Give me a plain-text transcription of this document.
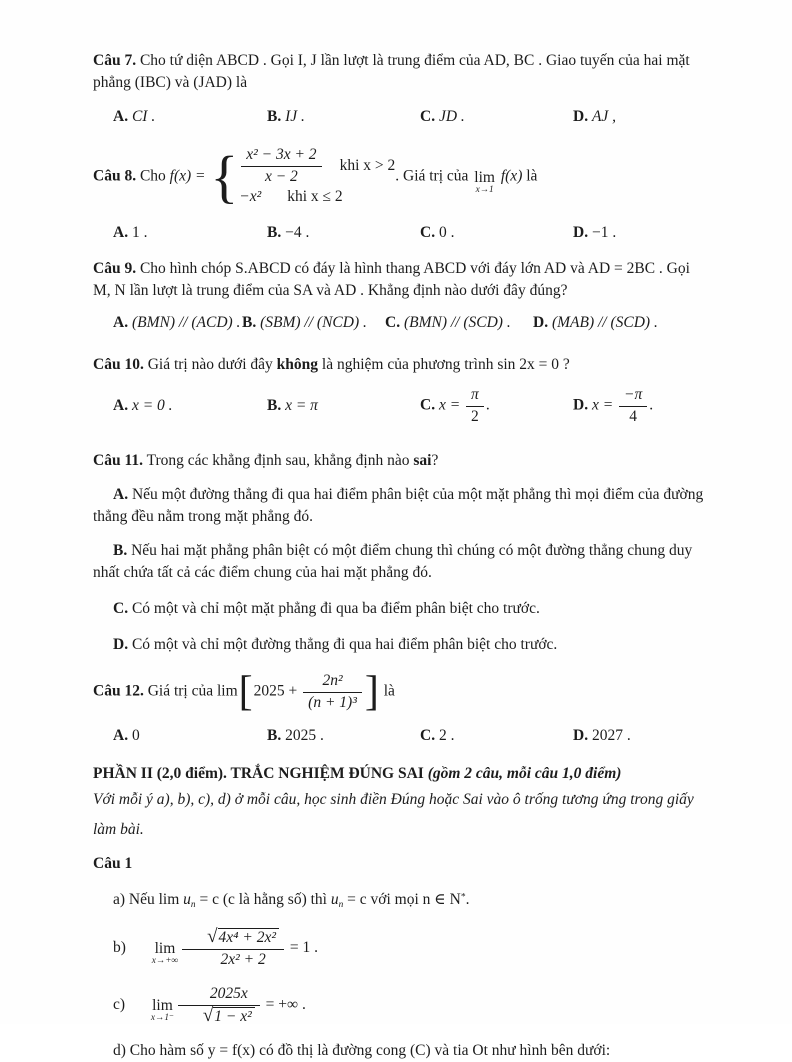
Câu 7. Cho tứ diện ABCD . Gọi I, J lần lượt là trung điểm của AD, BC . Giao tuyến của hai mặt phẳng (IBC) và (JAD) là

A. CI .	B. IJ .	C. JD .	D. AJ ,

Câu 8. Cho f(x) = { $\frac{\text{x² − 3x + 2}}{x - 2}$ khi x > 2
−x² khi x ≤ 2
. Giá trị của lim
x→1
f(x) là

A. 1 .	B. −4 .	C. 0 .	D. −1 .

Câu 9. Cho hình chóp S.ABCD có đáy là hình thang ABCD với đáy lớn AD và AD = 2BC . Gọi M, N lần lượt là trung điểm của SA và AD . Khẳng định nào dưới đây đúng?

A. (BMN) // (ACD) . B. (SBM) // (NCD) .	C. (BMN) // (SCD) .	D. (MAB) // (SCD) .

Câu 10. Giá trị nào dưới đây không là nghiệm của phương trình sin 2x = 0 ?

A. x = 0 .	B. x = π	C. $x = \frac{\pi}{2}$ .	D. $x = \frac{-\pi}{4}$ .

Câu 11. Trong các khẳng định sau, khẳng định nào sai?

A. Nếu một đường thẳng đi qua hai điểm phân biệt của một mặt phẳng thì mọi điểm của đường thẳng đều nằm trong mặt phẳng đó.

B. Nếu hai mặt phẳng phân biệt có một điểm chung thì chúng có một đường thẳng chung duy nhất chứa tất cả các điểm chung của hai mặt phẳng đó.

C. Có một và chỉ một mặt phẳng đi qua ba điểm phân biệt cho trước.

D. Có một và chỉ một đường thẳng đi qua hai điểm phân biệt cho trước.

Câu 12. Giá trị của $\lim[2025 + \frac{\text{2n²}}{\text{(n + 1)³}}$ ] là

A. 0	B. 2025 .	C. 2 .	D. 2027 .

PHẦN II (2,0 điểm). TRẮC NGHIỆM ĐÚNG SAI (gồm 2 câu, mỗi câu 1,0 điểm)

Với mỗi ý a), b), c), d) ở mỗi câu, học sinh điền Đúng hoặc Sai vào ô trống tương ứng trong giấy làm bài.

Câu 1

a) Nếu $\lim u_n = c$ (c là hằng số) thì $u_n = c$ với mọi n ∈ N*.

b)	lim
$x\to+\infty \frac{\text{√4x⁴ + 2x²}}{\text{2x² + 2}} = 1$ .

c)	lim
$x\to 1^- \frac{2025x}{\text{√1 − x²}}$ = +∞ .

d) Cho hàm số y = f(x) có đồ thị là đường cong (C) và tia Ot như hình bên dưới:
